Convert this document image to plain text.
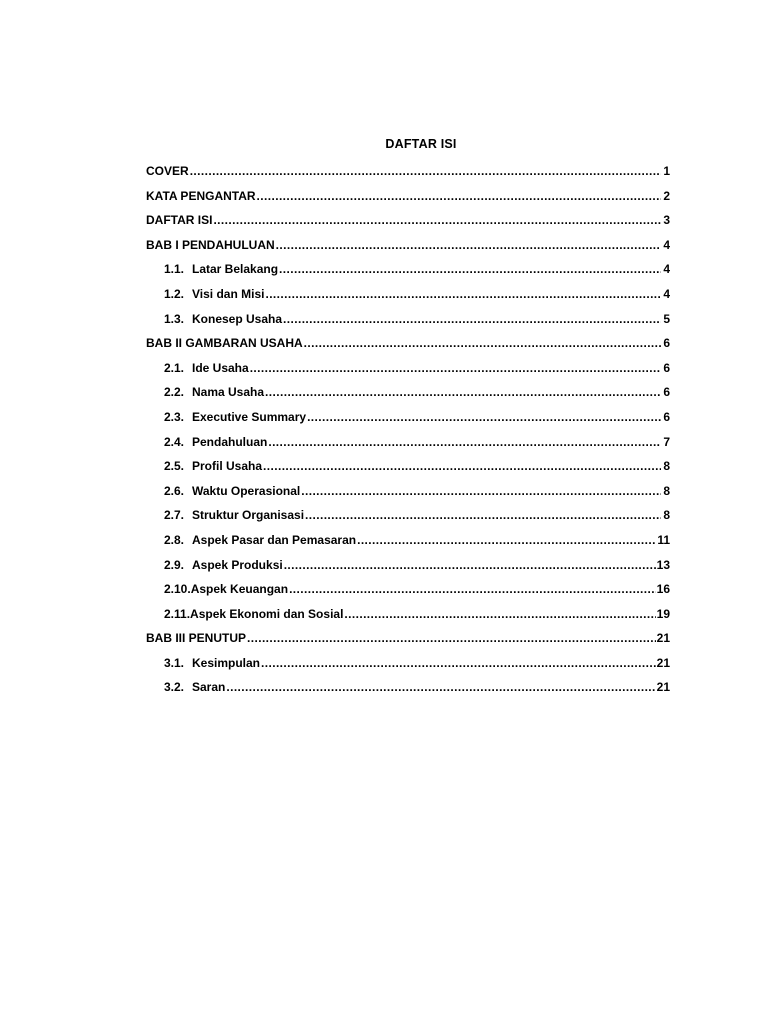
DAFTAR ISI
COVER .....	1
KATA PENGANTAR .....	2
DAFTAR ISI .....	3
BAB I PENDAHULUAN .....	4
1.1. Latar Belakang .....	4
1.2. Visi dan Misi .....	4
1.3. Konesep Usaha .....	5
BAB II GAMBARAN USAHA .....	6
2.1. Ide Usaha .....	6
2.2. Nama Usaha .....	6
2.3. Executive Summary .....	6
2.4. Pendahuluan .....	7
2.5. Profil Usaha .....	8
2.6. Waktu Operasional .....	8
2.7. Struktur Organisasi .....	8
2.8. Aspek Pasar dan Pemasaran .....	11
2.9. Aspek Produksi .....	13
2.10. Aspek Keuangan .....	16
2.11. Aspek Ekonomi dan Sosial .....	19
BAB III PENUTUP .....	21
3.1. Kesimpulan .....	21
3.2. Saran .....	21
